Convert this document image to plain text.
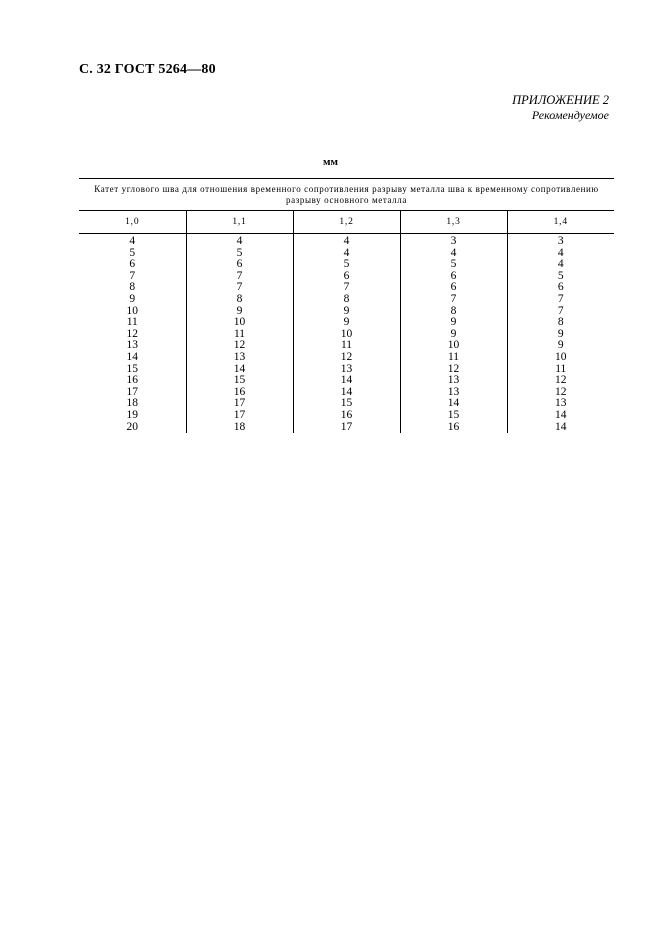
С. 32 ГОСТ 5264—80
ПРИЛОЖЕНИЕ 2
Рекомендуемое
мм
Катет углового шва для отношения временного сопротивления разрыву металла шва к временному сопротивлению разрыву основного металла				
1,0	1,1	1,2	1,3	1,4
4	4	4	3	3
5	5	4	4	4
6	6	5	5	4
7	7	6	6	5
8	7	7	6	6
9	8	8	7	7
10	9	9	8	7
11	10	9	9	8
12	11	10	9	9
13	12	11	10	9
14	13	12	11	10
15	14	13	12	11
16	15	14	13	12
17	16	14	13	12
18	17	15	14	13
19	17	16	15	14
20	18	17	16	14
